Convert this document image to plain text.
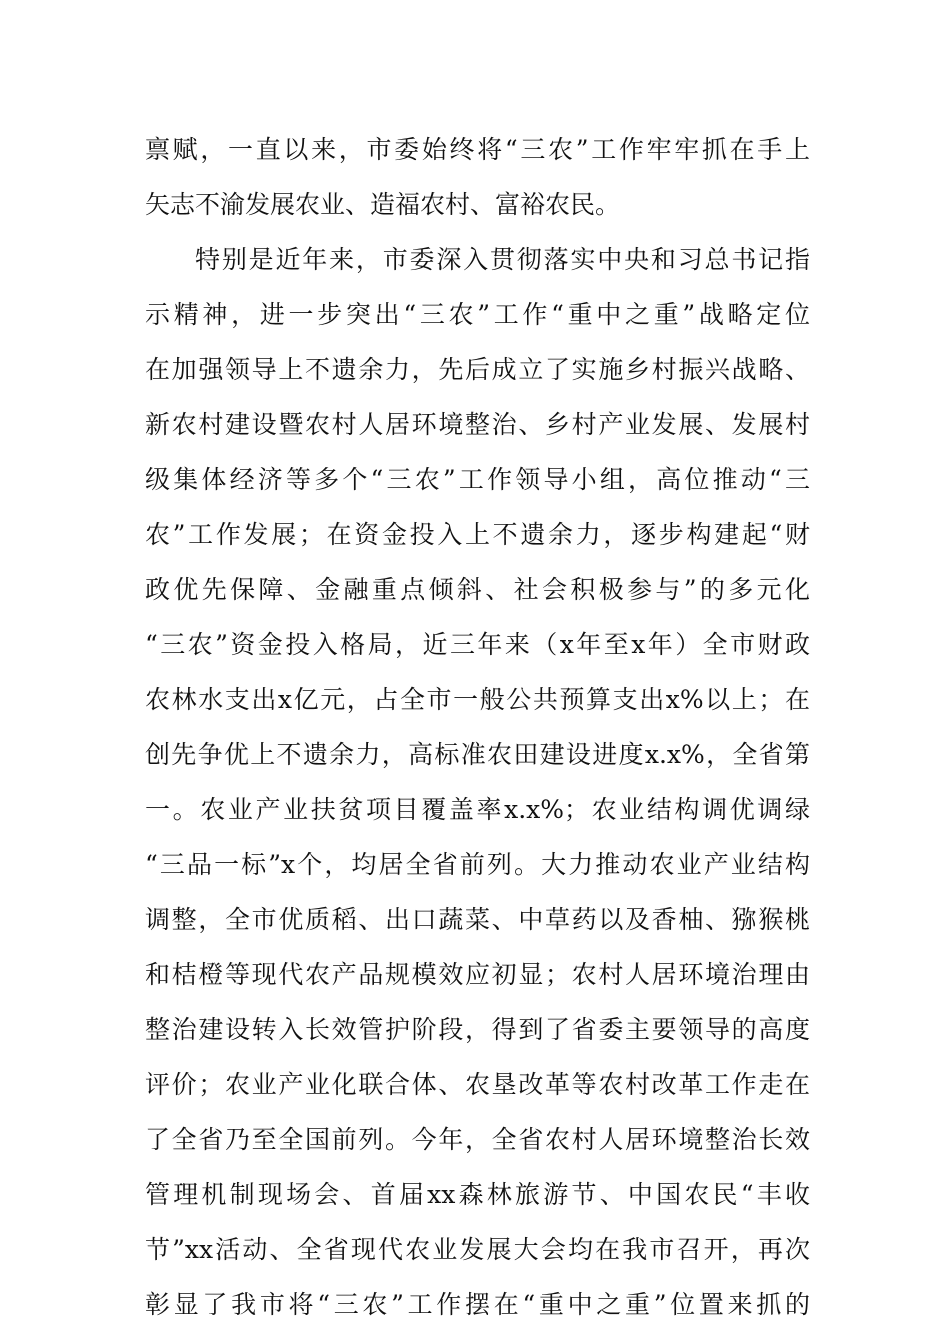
禀赋，一直以来，市委始终将“三农”工作牢牢抓在手上
矢志不渝发展农业、造福农村、富裕农民。
特别是近年来，市委深入贯彻落实中央和习总书记指
示精神，进一步突出“三农”工作“重中之重”战略定位
在加强领导上不遗余力，先后成立了实施乡村振兴战略、
新农村建设暨农村人居环境整治、乡村产业发展、发展村
级集体经济等多个“三农”工作领导小组，高位推动“三
农”工作发展；在资金投入上不遗余力，逐步构建起“财
政优先保障、金融重点倾斜、社会积极参与”的多元化
“三农”资金投入格局，近三年来（x年至x年）全市财政
农林水支出x亿元，占全市一般公共预算支出x%以上；在
创先争优上不遗余力，高标准农田建设进度x.x%，全省第
一。农业产业扶贫项目覆盖率x.x%；农业结构调优调绿
“三品一标”x个，均居全省前列。大力推动农业产业结构
调整，全市优质稻、出口蔬菜、中草药以及香柚、猕猴桃
和桔橙等现代农产品规模效应初显；农村人居环境治理由
整治建设转入长效管护阶段，得到了省委主要领导的高度
评价；农业产业化联合体、农垦改革等农村改革工作走在
了全省乃至全国前列。今年，全省农村人居环境整治长效
管理机制现场会、首届xx森林旅游节、中国农民“丰收
节”xx活动、全省现代农业发展大会均在我市召开，再次
彰显了我市将“三农”工作摆在“重中之重”位置来抓的
